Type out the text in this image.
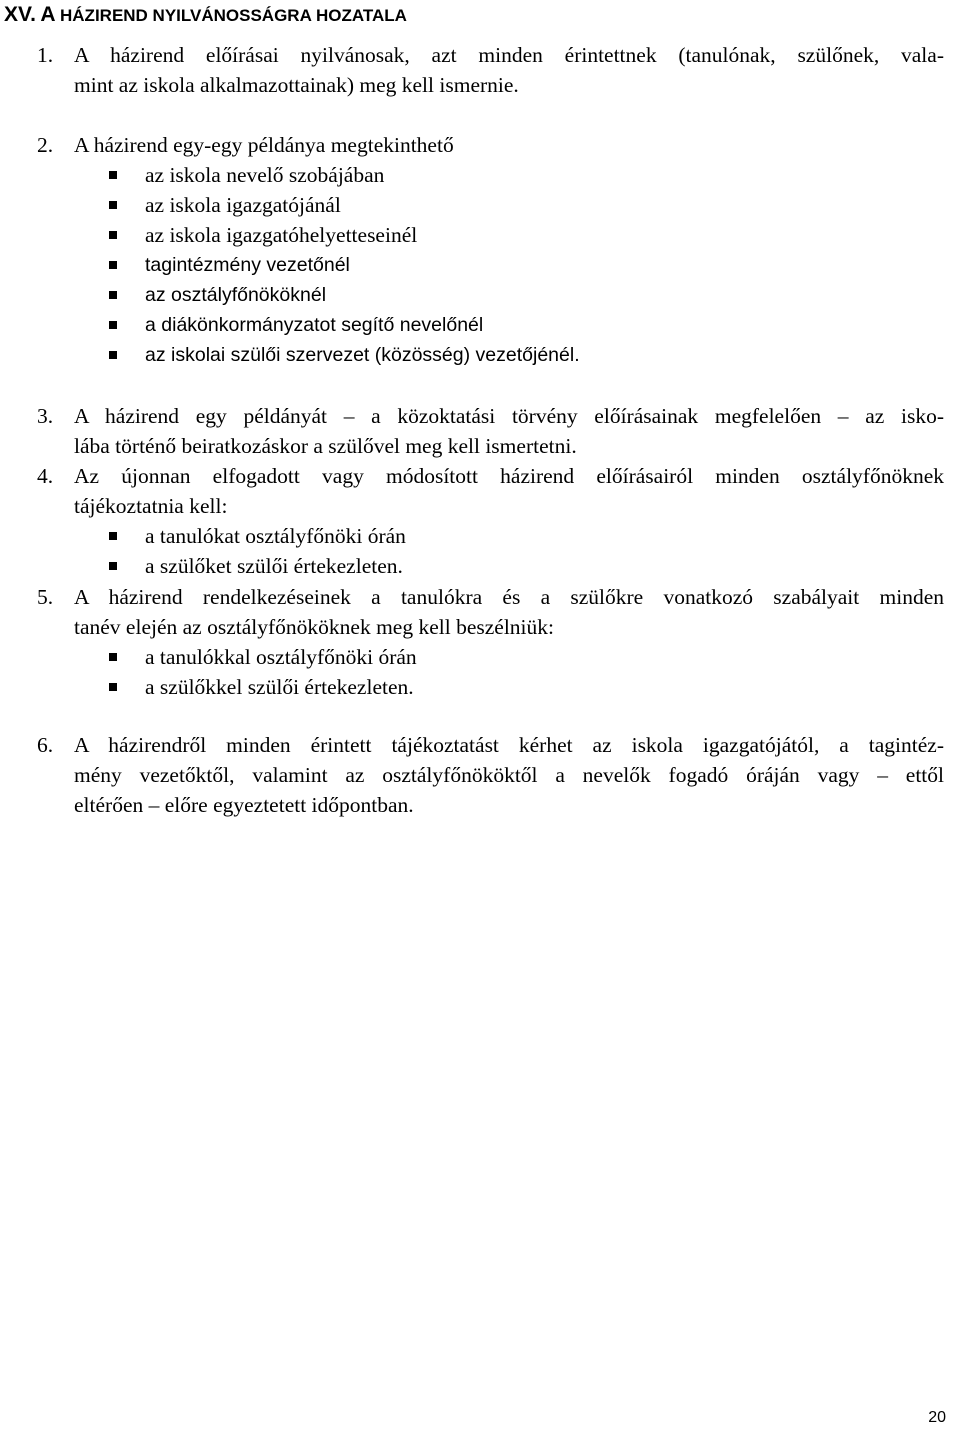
XV. A HÁZIREND NYILVÁNOSSÁGRA HOZATALA
1. A házirend előírásai nyilvánosak, azt minden érintettnek (tanulónak, szülőnek, vala-
mint az iskola alkalmazottainak) meg kell ismernie.
2. A házirend egy-egy példánya megtekinthető
az iskola nevelő szobájában
az iskola igazgatójánál
az iskola igazgatóhelyetteseinél
tagintézmény vezetőnél
az osztályfőnököknél
a diákönkormányzatot segítő nevelőnél
az iskolai szülői szervezet (közösség) vezetőjénél.
3. A házirend egy példányát – a közoktatási törvény előírásainak megfelelően – az isko-
lába történő beiratkozáskor a szülővel meg kell ismertetni.
4. Az újonnan elfogadott vagy módosított házirend előírásairól minden osztályfőnöknek
tájékoztatnia kell:
a tanulókat osztályfőnöki órán
a szülőket szülői értekezleten.
5. A házirend rendelkezéseinek a tanulókra és a szülőkre vonatkozó szabályait minden
tanév elején az osztályfőnököknek meg kell beszélniük:
a tanulókkal osztályfőnöki órán
a szülőkkel szülői értekezleten.
6. A házirendről minden érintett tájékoztatást kérhet az iskola igazgatójától, a tagintéz-
mény vezetőktől, valamint az osztályfőnököktől a nevelők fogadó óráján vagy – ettől
eltérően – előre egyeztetett időpontban.
20
